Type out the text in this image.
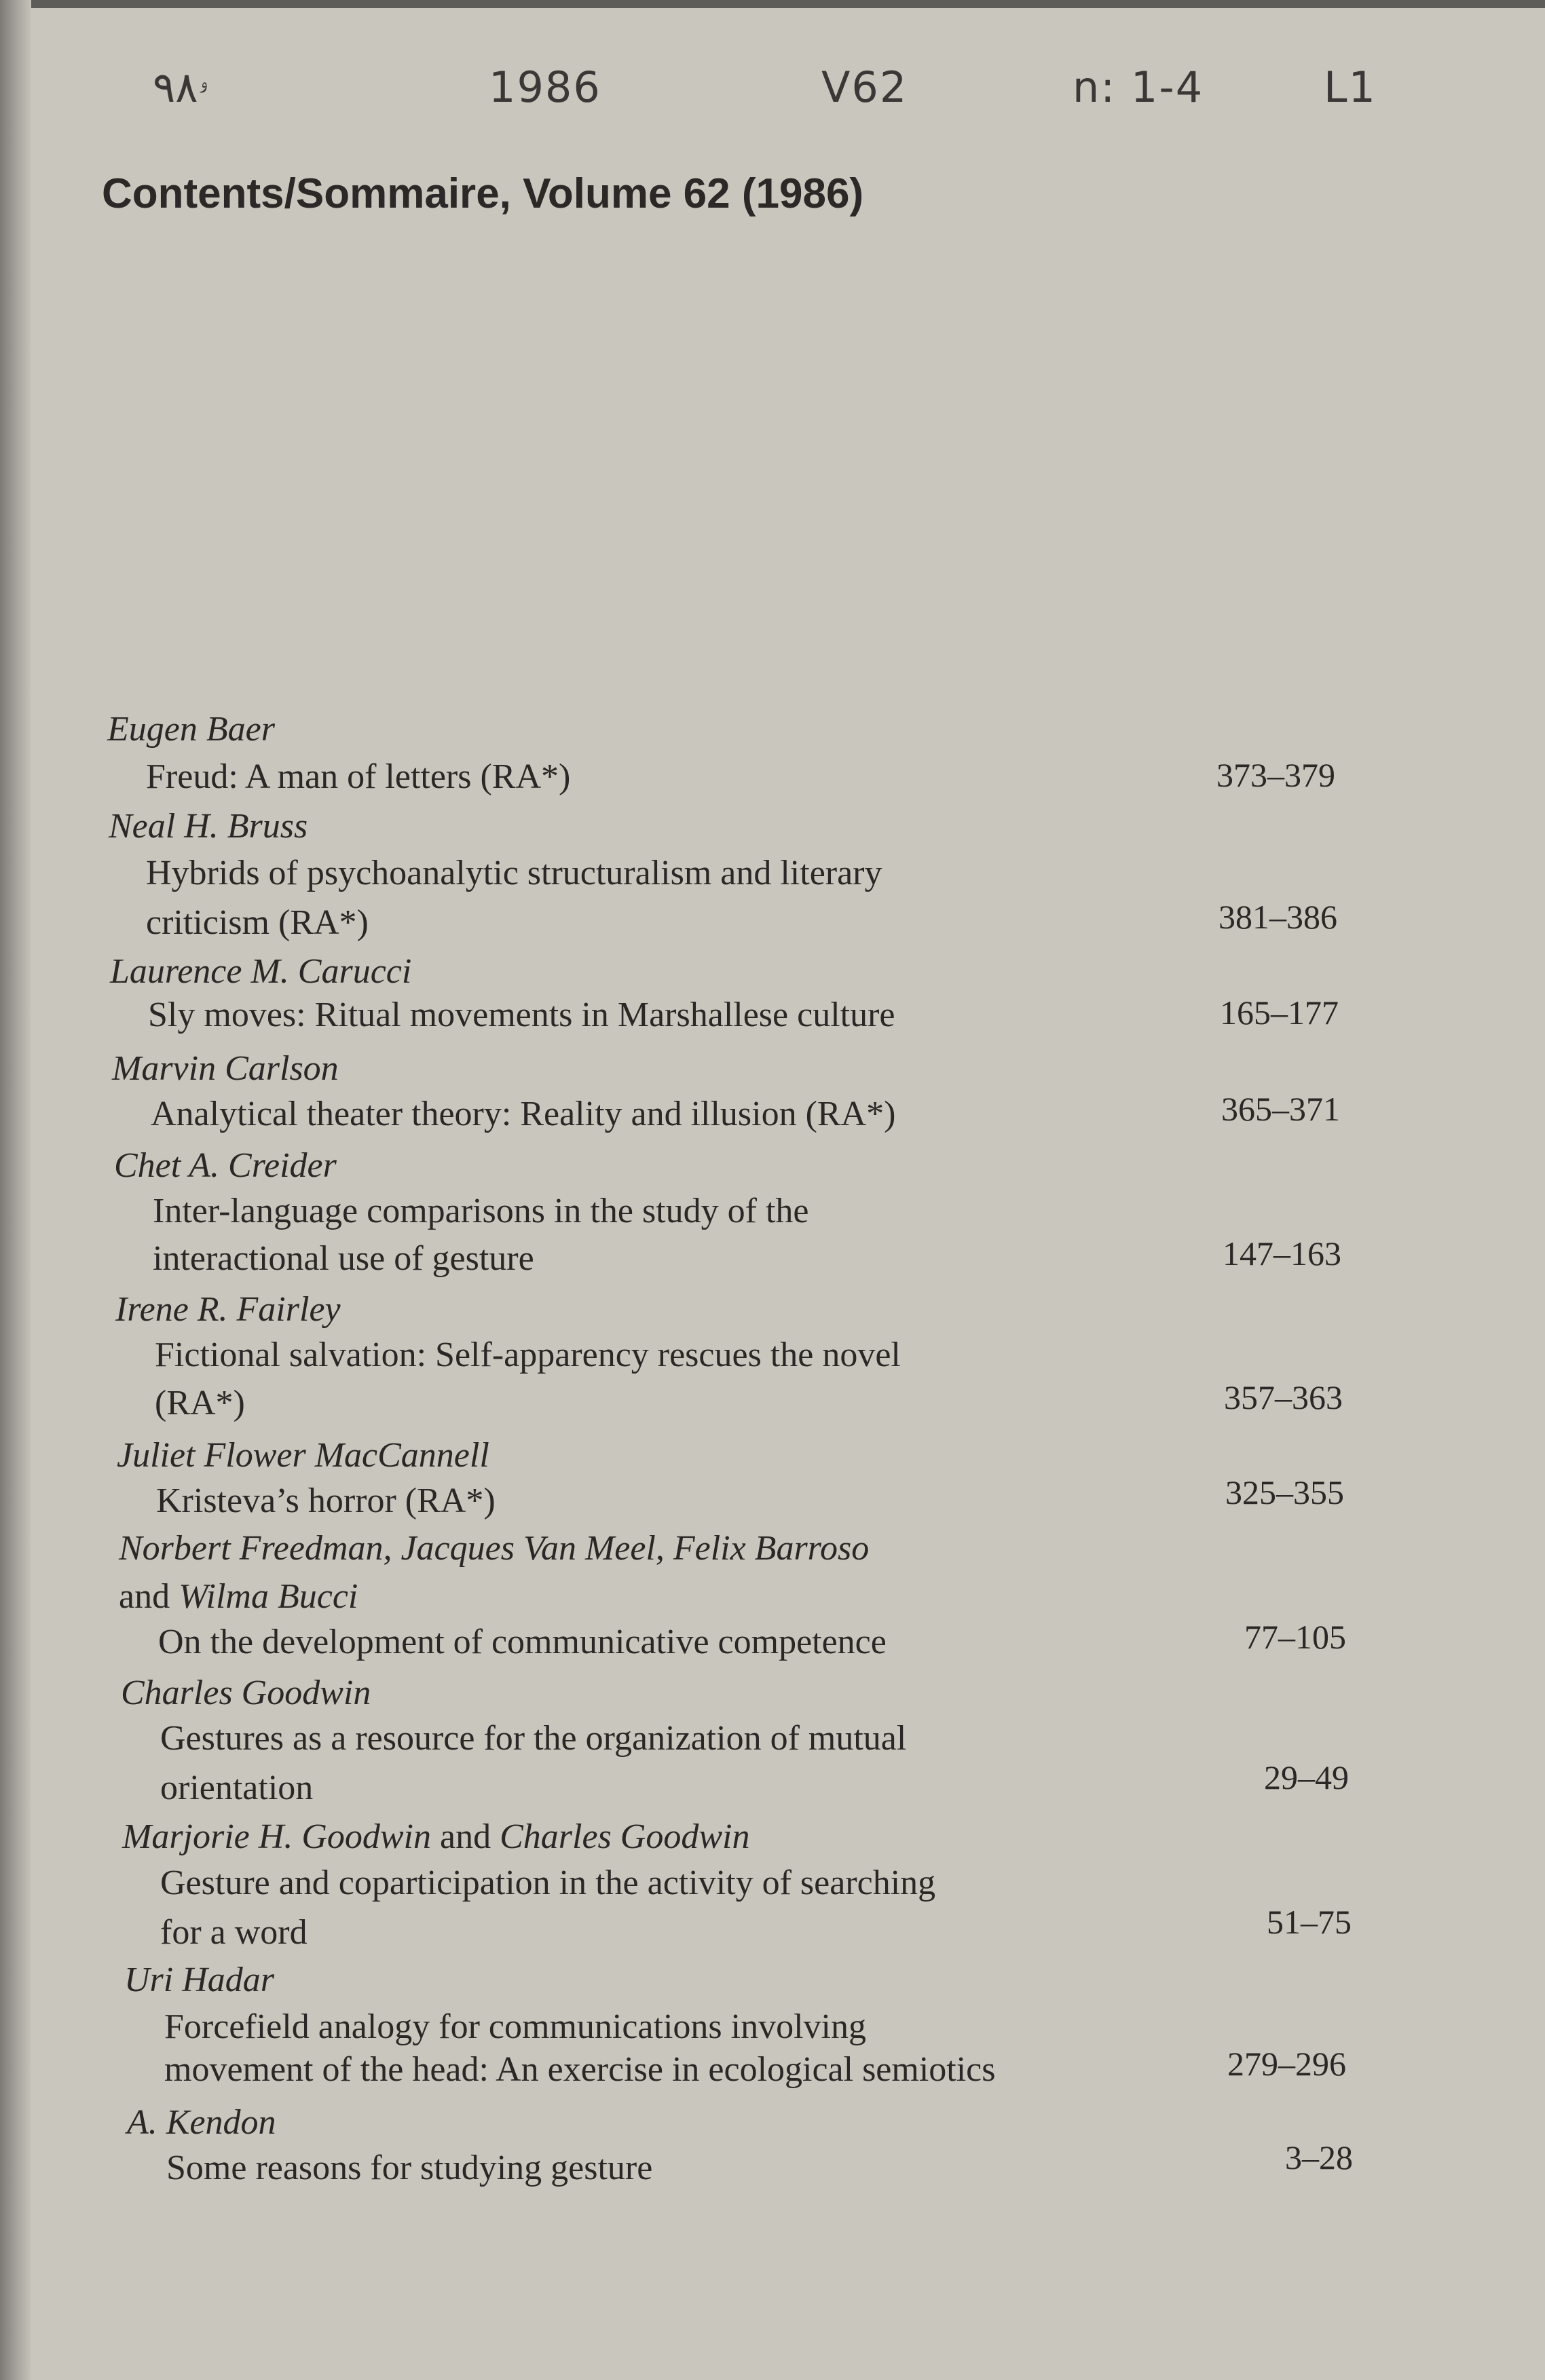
ۥ٩٨	1986	V62	n: 1-4	L1
Contents/Sommaire, Volume 62 (1986)
Eugen Baer
Freud: A man of letters (RA*)	373–379
Neal H. Bruss
Hybrids of psychoanalytic structuralism and literary
criticism (RA*)	381–386
Laurence M. Carucci
Sly moves: Ritual movements in Marshallese culture	165–177
Marvin Carlson
Analytical theater theory: Reality and illusion (RA*)	365–371
Chet A. Creider
Inter-language comparisons in the study of the
interactional use of gesture	147–163
Irene R. Fairley
Fictional salvation: Self-apparency rescues the novel
(RA*)	357–363
Juliet Flower MacCannell
Kristeva’s horror (RA*)	325–355
Norbert Freedman, Jacques Van Meel, Felix Barroso
and Wilma Bucci
On the development of communicative competence	77–105
Charles Goodwin
Gestures as a resource for the organization of mutual
orientation	29–49
Marjorie H. Goodwin and Charles Goodwin
Gesture and coparticipation in the activity of searching
for a word	51–75
Uri Hadar
Forcefield analogy for communications involving
movement of the head: An exercise in ecological semiotics	279–296
A. Kendon
Some reasons for studying gesture	3–28
